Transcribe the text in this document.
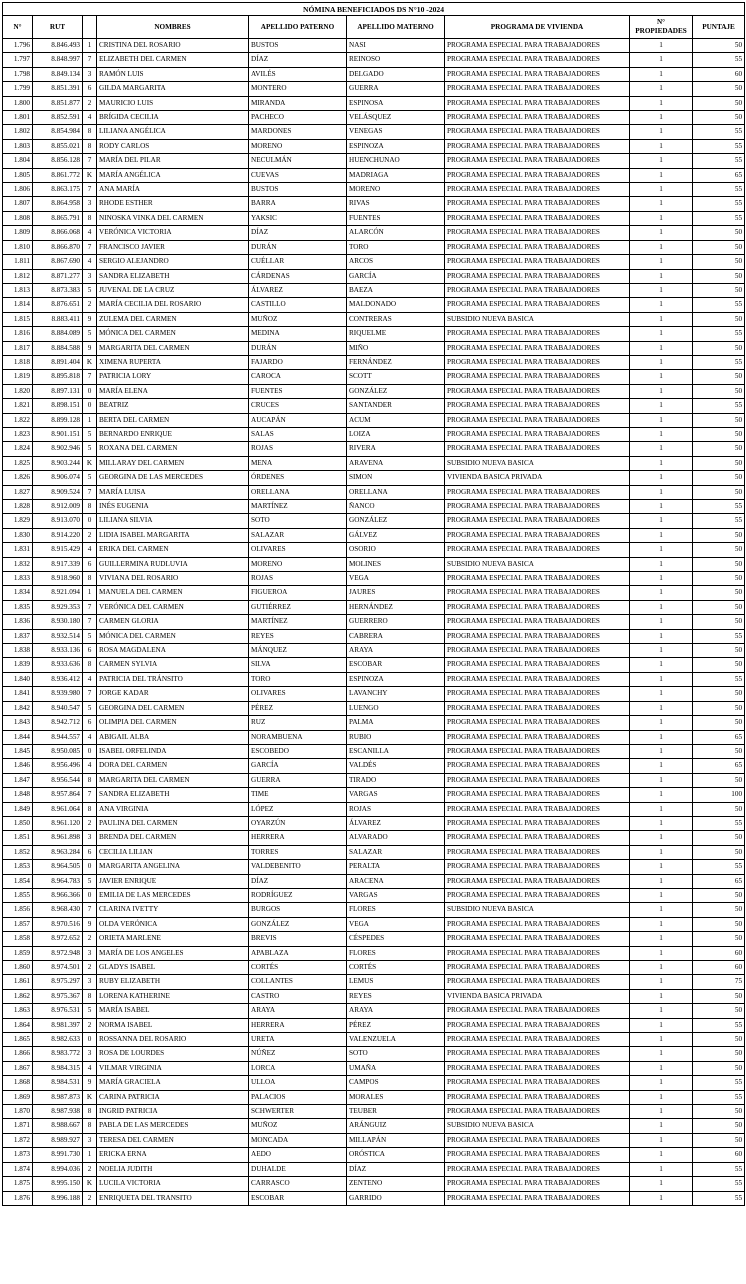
NÓMINA BENEFICIADOS DS N°10 -2024								
N°	RUT		NOMBRES	APELLIDO PATERNO	APELLIDO MATERNO	PROGRAMA DE VIVIENDA	N° PROPIEDADES	PUNTAJE
1.796	8.846.493	1	CRISTINA DEL ROSARIO	BUSTOS	NASI	PROGRAMA ESPECIAL PARA TRABAJADORES	1	50
1.797	8.848.997	7	ELIZABETH DEL CARMEN	DÍAZ	REINOSO	PROGRAMA ESPECIAL PARA TRABAJADORES	1	55
1.798	8.849.134	3	RAMÓN LUIS	AVILÉS	DELGADO	PROGRAMA ESPECIAL PARA TRABAJADORES	1	60
1.799	8.851.391	6	GILDA MARGARITA	MONTERO	GUERRA	PROGRAMA ESPECIAL PARA TRABAJADORES	1	50
1.800	8.851.877	2	MAURICIO LUIS	MIRANDA	ESPINOSA	PROGRAMA ESPECIAL PARA TRABAJADORES	1	50
1.801	8.852.591	4	BRÍGIDA CECILIA	PACHECO	VELÁSQUEZ	PROGRAMA ESPECIAL PARA TRABAJADORES	1	50
1.802	8.854.984	8	LILIANA ANGÉLICA	MARDONES	VENEGAS	PROGRAMA ESPECIAL PARA TRABAJADORES	1	55
1.803	8.855.021	8	RODY CARLOS	MORENO	ESPINOZA	PROGRAMA ESPECIAL PARA TRABAJADORES	1	55
1.804	8.856.128	7	MARÍA DEL PILAR	NECULMÁN	HUENCHUNAO	PROGRAMA ESPECIAL PARA TRABAJADORES	1	55
1.805	8.861.772	K	MARÍA ANGÉLICA	CUEVAS	MADRIAGA	PROGRAMA ESPECIAL PARA TRABAJADORES	1	65
1.806	8.863.175	7	ANA MARÍA	BUSTOS	MORENO	PROGRAMA ESPECIAL PARA TRABAJADORES	1	55
1.807	8.864.958	3	RHODE ESTHER	BARRA	RIVAS	PROGRAMA ESPECIAL PARA TRABAJADORES	1	55
1.808	8.865.791	8	NINOSKA VINKA DEL CARMEN	YAKSIC	FUENTES	PROGRAMA ESPECIAL PARA TRABAJADORES	1	55
1.809	8.866.068	4	VERÓNICA VICTORIA	DÍAZ	ALARCÓN	PROGRAMA ESPECIAL PARA TRABAJADORES	1	50
1.810	8.866.870	7	FRANCISCO JAVIER	DURÁN	TORO	PROGRAMA ESPECIAL PARA TRABAJADORES	1	50
1.811	8.867.690	4	SERGIO ALEJANDRO	CUÉLLAR	ARCOS	PROGRAMA ESPECIAL PARA TRABAJADORES	1	50
1.812	8.871.277	3	SANDRA ELIZABETH	CÁRDENAS	GARCÍA	PROGRAMA ESPECIAL PARA TRABAJADORES	1	50
1.813	8.873.383	5	JUVENAL DE LA CRUZ	ÁLVAREZ	BAEZA	PROGRAMA ESPECIAL PARA TRABAJADORES	1	50
1.814	8.876.651	2	MARÍA CECILIA DEL ROSARIO	CASTILLO	MALDONADO	PROGRAMA ESPECIAL PARA TRABAJADORES	1	55
1.815	8.883.411	9	ZULEMA DEL CARMEN	MUÑOZ	CONTRERAS	SUBSIDIO NUEVA BASICA	1	50
1.816	8.884.089	5	MÓNICA DEL CARMEN	MEDINA	RIQUELME	PROGRAMA ESPECIAL PARA TRABAJADORES	1	55
1.817	8.884.588	9	MARGARITA DEL CARMEN	DURÁN	MIÑO	PROGRAMA ESPECIAL PARA TRABAJADORES	1	50
1.818	8.891.404	K	XIMENA RUPERTA	FAJARDO	FERNÁNDEZ	PROGRAMA ESPECIAL PARA TRABAJADORES	1	55
1.819	8.895.818	7	PATRICIA LORY	CAROCA	SCOTT	PROGRAMA ESPECIAL PARA TRABAJADORES	1	50
1.820	8.897.131	0	MARÍA ELENA	FUENTES	GONZÁLEZ	PROGRAMA ESPECIAL PARA TRABAJADORES	1	50
1.821	8.898.151	0	BEATRIZ	CRUCES	SANTANDER	PROGRAMA ESPECIAL PARA TRABAJADORES	1	55
1.822	8.899.128	1	BERTA DEL CARMEN	AUCAPÁN	ACUM	PROGRAMA ESPECIAL PARA TRABAJADORES	1	50
1.823	8.901.151	5	BERNARDO ENRIQUE	SALAS	LOIZA	PROGRAMA ESPECIAL PARA TRABAJADORES	1	50
1.824	8.902.946	5	ROXANA DEL CARMEN	ROJAS	RIVERA	PROGRAMA ESPECIAL PARA TRABAJADORES	1	50
1.825	8.903.244	K	MILLARAY DEL CARMEN	MENA	ARAVENA	SUBSIDIO NUEVA BASICA	1	50
1.826	8.906.074	5	GEORGINA DE LAS MERCEDES	ÓRDENES	SIMON	VIVIENDA BASICA PRIVADA	1	50
1.827	8.909.524	7	MARÍA LUISA	ORELLANA	ORELLANA	PROGRAMA ESPECIAL PARA TRABAJADORES	1	50
1.828	8.912.009	8	INÉS EUGENIA	MARTÍNEZ	ÑANCO	PROGRAMA ESPECIAL PARA TRABAJADORES	1	55
1.829	8.913.070	0	LILIANA SILVIA	SOTO	GONZÁLEZ	PROGRAMA ESPECIAL PARA TRABAJADORES	1	55
1.830	8.914.220	2	LIDIA ISABEL MARGARITA	SALAZAR	GÁLVEZ	PROGRAMA ESPECIAL PARA TRABAJADORES	1	50
1.831	8.915.429	4	ERIKA DEL CARMEN	OLIVARES	OSORIO	PROGRAMA ESPECIAL PARA TRABAJADORES	1	50
1.832	8.917.339	6	GUILLERMINA RUDLUVIA	MORENO	MOLINES	SUBSIDIO NUEVA BASICA	1	50
1.833	8.918.960	8	VIVIANA DEL ROSARIO	ROJAS	VEGA	PROGRAMA ESPECIAL PARA TRABAJADORES	1	50
1.834	8.921.094	1	MANUELA DEL CARMEN	FIGUEROA	JAURES	PROGRAMA ESPECIAL PARA TRABAJADORES	1	50
1.835	8.929.353	7	VERÓNICA DEL CARMEN	GUTIÉRREZ	HERNÁNDEZ	PROGRAMA ESPECIAL PARA TRABAJADORES	1	50
1.836	8.930.180	7	CARMEN GLORIA	MARTÍNEZ	GUERRERO	PROGRAMA ESPECIAL PARA TRABAJADORES	1	50
1.837	8.932.514	5	MÓNICA DEL CARMEN	REYES	CABRERA	PROGRAMA ESPECIAL PARA TRABAJADORES	1	55
1.838	8.933.136	6	ROSA MAGDALENA	MÁNQUEZ	ARAYA	PROGRAMA ESPECIAL PARA TRABAJADORES	1	50
1.839	8.933.636	8	CARMEN SYLVIA	SILVA	ESCOBAR	PROGRAMA ESPECIAL PARA TRABAJADORES	1	50
1.840	8.936.412	4	PATRICIA DEL TRÁNSITO	TORO	ESPINOZA	PROGRAMA ESPECIAL PARA TRABAJADORES	1	55
1.841	8.939.980	7	JORGE KADAR	OLIVARES	LAVANCHY	PROGRAMA ESPECIAL PARA TRABAJADORES	1	50
1.842	8.940.547	5	GEORGINA DEL CARMEN	PÉREZ	LUENGO	PROGRAMA ESPECIAL PARA TRABAJADORES	1	50
1.843	8.942.712	6	OLIMPIA DEL CARMEN	RUZ	PALMA	PROGRAMA ESPECIAL PARA TRABAJADORES	1	50
1.844	8.944.557	4	ABIGAIL ALBA	NORAMBUENA	RUBIO	PROGRAMA ESPECIAL PARA TRABAJADORES	1	65
1.845	8.950.085	0	ISABEL ORFELINDA	ESCOBEDO	ESCANILLA	PROGRAMA ESPECIAL PARA TRABAJADORES	1	50
1.846	8.956.496	4	DORA DEL CARMEN	GARCÍA	VALDÉS	PROGRAMA ESPECIAL PARA TRABAJADORES	1	65
1.847	8.956.544	8	MARGARITA DEL CARMEN	GUERRA	TIRADO	PROGRAMA ESPECIAL PARA TRABAJADORES	1	50
1.848	8.957.864	7	SANDRA ELIZABETH	TIME	VARGAS	PROGRAMA ESPECIAL PARA TRABAJADORES	1	100
1.849	8.961.064	8	ANA VIRGINIA	LÓPEZ	ROJAS	PROGRAMA ESPECIAL PARA TRABAJADORES	1	50
1.850	8.961.120	2	PAULINA DEL CARMEN	OYARZÚN	ÁLVAREZ	PROGRAMA ESPECIAL PARA TRABAJADORES	1	55
1.851	8.961.898	3	BRENDA DEL CARMEN	HERRERA	ALVARADO	PROGRAMA ESPECIAL PARA TRABAJADORES	1	50
1.852	8.963.284	6	CECILIA LILIAN	TORRES	SALAZAR	PROGRAMA ESPECIAL PARA TRABAJADORES	1	50
1.853	8.964.505	0	MARGARITA ANGELINA	VALDEBENITO	PERALTA	PROGRAMA ESPECIAL PARA TRABAJADORES	1	55
1.854	8.964.783	5	JAVIER ENRIQUE	DÍAZ	ARACENA	PROGRAMA ESPECIAL PARA TRABAJADORES	1	65
1.855	8.966.366	0	EMILIA DE LAS MERCEDES	RODRÍGUEZ	VARGAS	PROGRAMA ESPECIAL PARA TRABAJADORES	1	50
1.856	8.968.430	7	CLARINA IVETTY	BURGOS	FLORES	SUBSIDIO NUEVA BASICA	1	50
1.857	8.970.516	9	OLDA VERÓNICA	GONZÁLEZ	VEGA	PROGRAMA ESPECIAL PARA TRABAJADORES	1	50
1.858	8.972.652	2	ORIETA MARLENE	BREVIS	CÉSPEDES	PROGRAMA ESPECIAL PARA TRABAJADORES	1	50
1.859	8.972.948	3	MARÍA DE LOS ANGELES	APABLAZA	FLORES	PROGRAMA ESPECIAL PARA TRABAJADORES	1	60
1.860	8.974.501	2	GLADYS ISABEL	CORTÉS	CORTÉS	PROGRAMA ESPECIAL PARA TRABAJADORES	1	60
1.861	8.975.297	3	RUBY ELIZABETH	COLLANTES	LEMUS	PROGRAMA ESPECIAL PARA TRABAJADORES	1	75
1.862	8.975.367	8	LORENA KATHERINE	CASTRO	REYES	VIVIENDA BASICA PRIVADA	1	50
1.863	8.976.531	5	MARÍA ISABEL	ARAYA	ARAYA	PROGRAMA ESPECIAL PARA TRABAJADORES	1	50
1.864	8.981.397	2	NORMA ISABEL	HERRERA	PÉREZ	PROGRAMA ESPECIAL PARA TRABAJADORES	1	55
1.865	8.982.633	0	ROSSANNA DEL ROSARIO	URETA	VALENZUELA	PROGRAMA ESPECIAL PARA TRABAJADORES	1	50
1.866	8.983.772	3	ROSA DE LOURDES	NÚÑEZ	SOTO	PROGRAMA ESPECIAL PARA TRABAJADORES	1	50
1.867	8.984.315	4	VILMAR VIRGINIA	LORCA	UMAÑA	PROGRAMA ESPECIAL PARA TRABAJADORES	1	50
1.868	8.984.531	9	MARÍA GRACIELA	ULLOA	CAMPOS	PROGRAMA ESPECIAL PARA TRABAJADORES	1	55
1.869	8.987.873	K	CARINA PATRICIA	PALACIOS	MORALES	PROGRAMA ESPECIAL PARA TRABAJADORES	1	55
1.870	8.987.938	8	INGRID PATRICIA	SCHWERTER	TEUBER	PROGRAMA ESPECIAL PARA TRABAJADORES	1	50
1.871	8.988.667	8	PABLA DE LAS MERCEDES	MUÑOZ	ARÁNGUIZ	SUBSIDIO NUEVA BASICA	1	50
1.872	8.989.927	3	TERESA DEL CARMEN	MONCADA	MILLAPÁN	PROGRAMA ESPECIAL PARA TRABAJADORES	1	50
1.873	8.991.730	1	ERICKA ERNA	AEDO	ORÓSTICA	PROGRAMA ESPECIAL PARA TRABAJADORES	1	60
1.874	8.994.036	2	NOELIA JUDITH	DUHALDE	DÍAZ	PROGRAMA ESPECIAL PARA TRABAJADORES	1	55
1.875	8.995.150	K	LUCILA VICTORIA	CARRASCO	ZENTENO	PROGRAMA ESPECIAL PARA TRABAJADORES	1	55
1.876	8.996.188	2	ENRIQUETA DEL TRANSITO	ESCOBAR	GARRIDO	PROGRAMA ESPECIAL PARA TRABAJADORES	1	55
